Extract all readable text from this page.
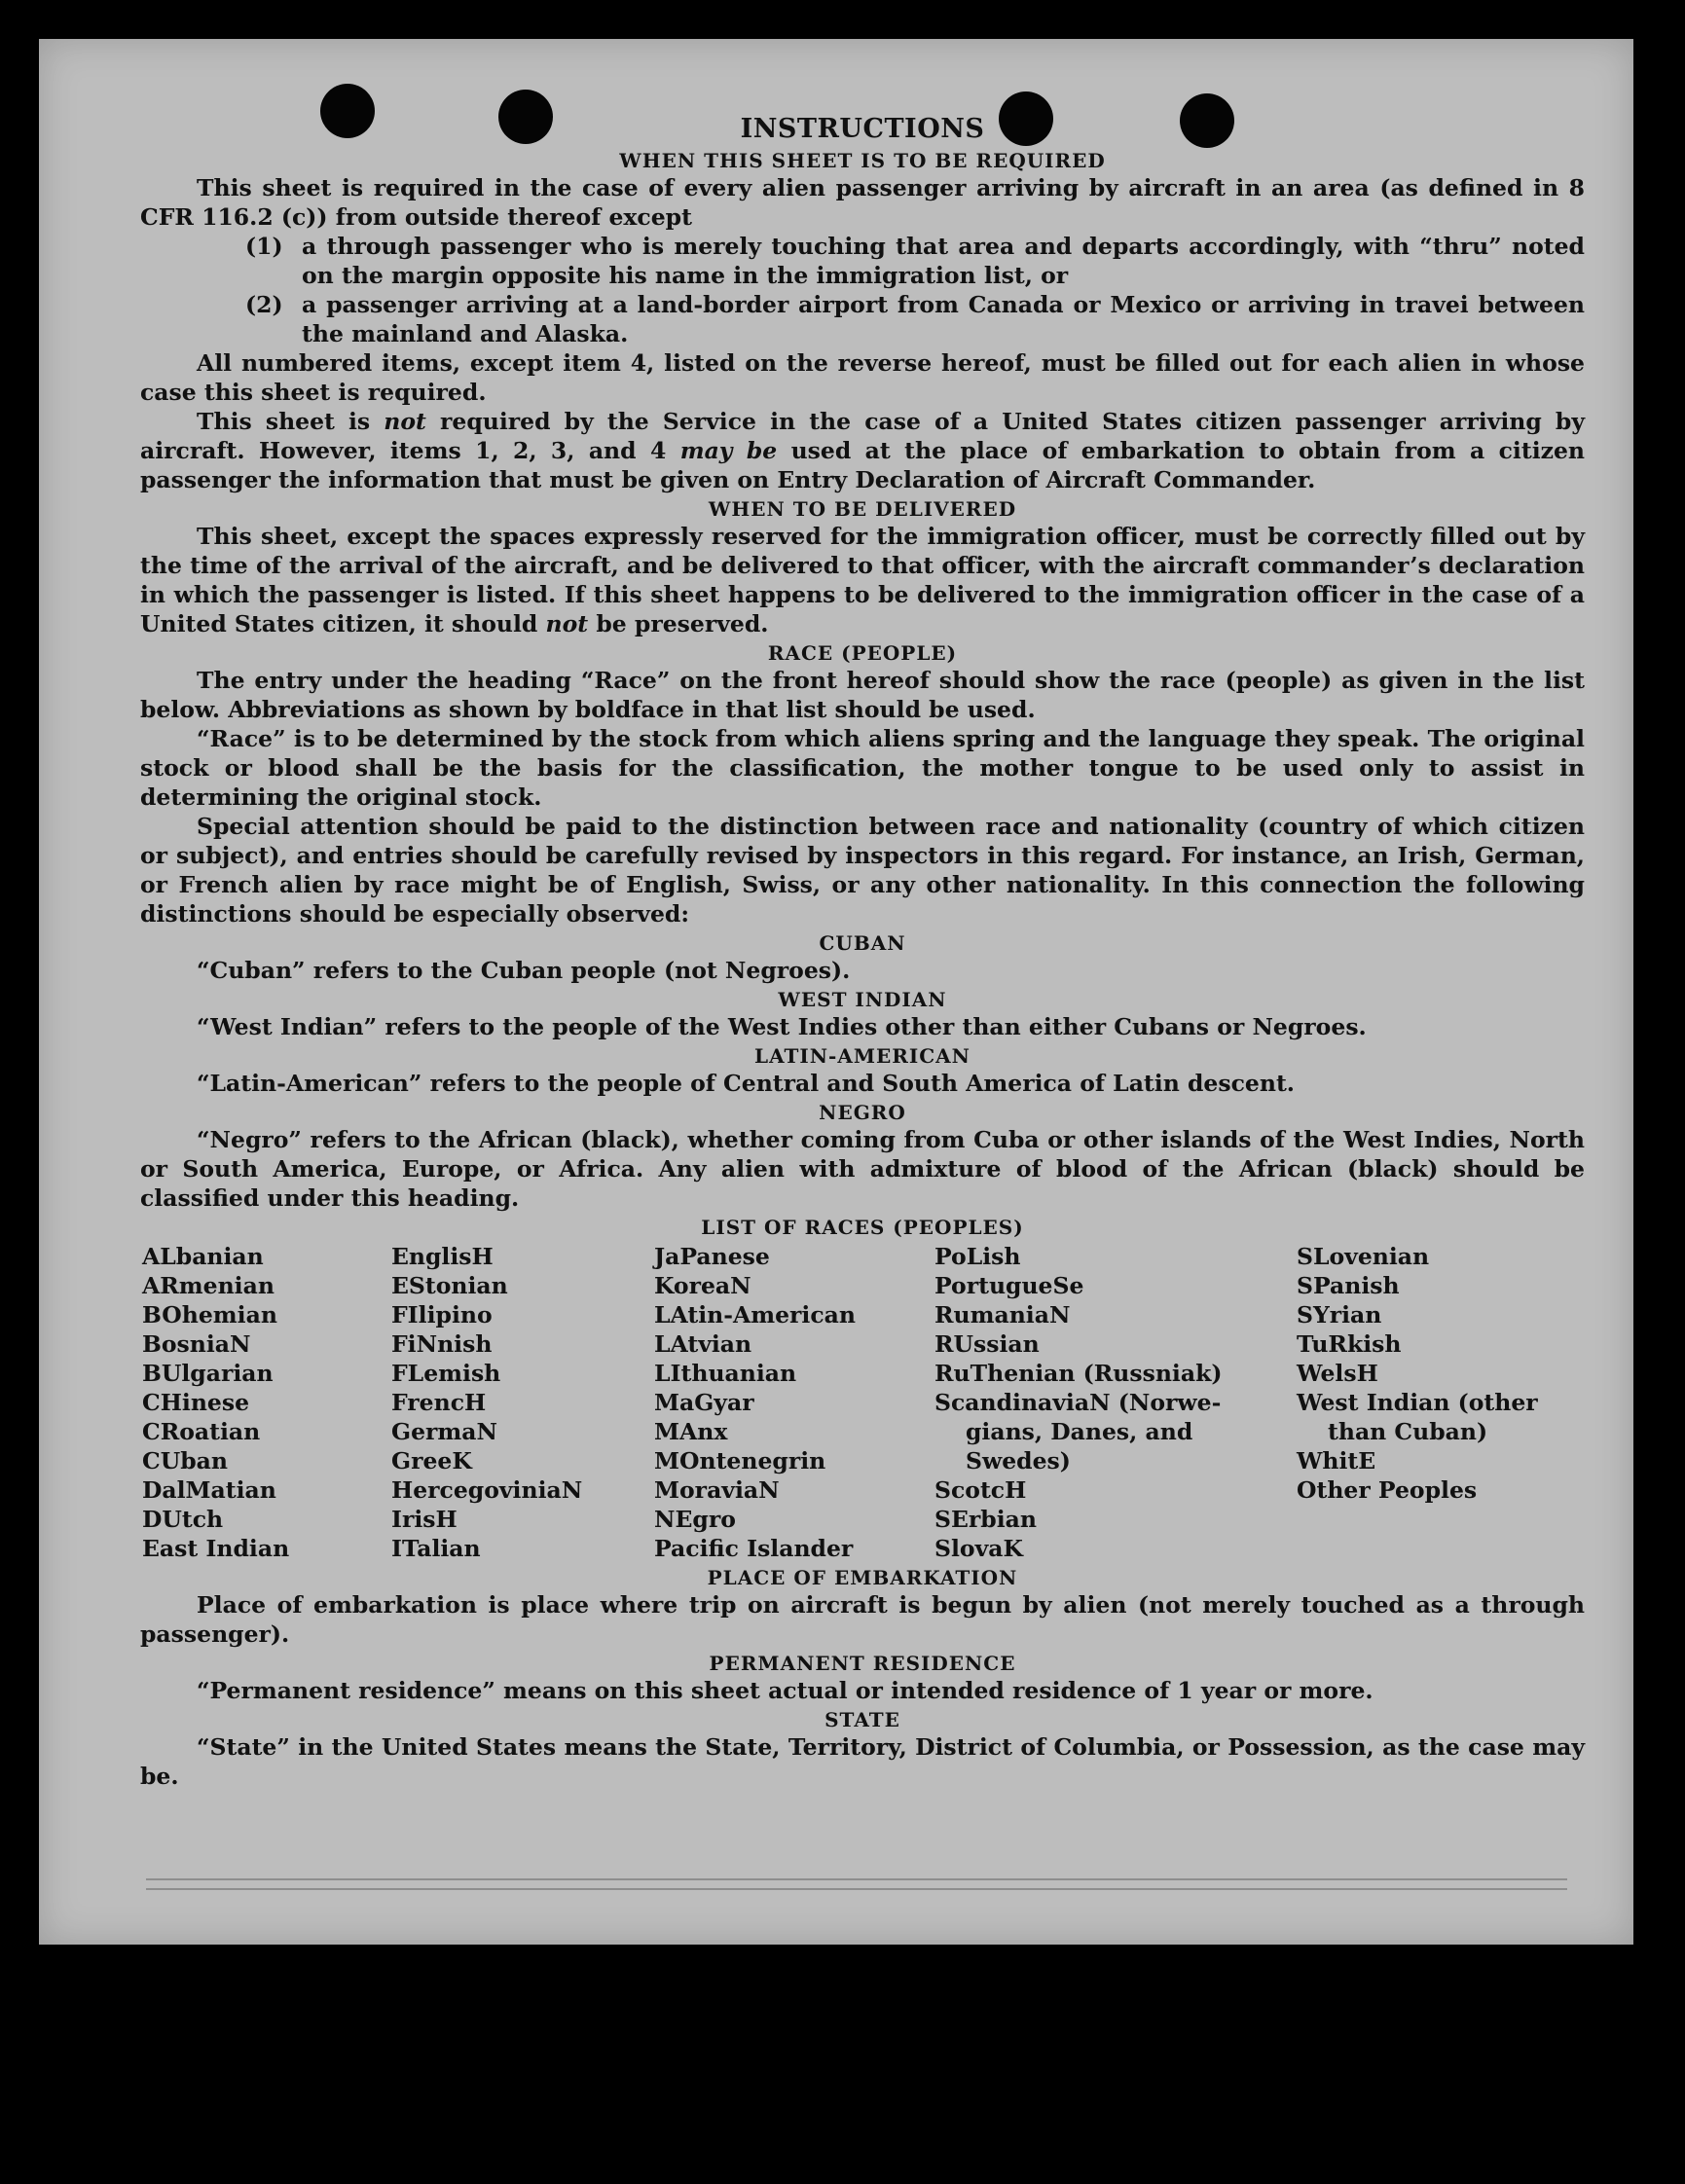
INSTRUCTIONS
WHEN THIS SHEET IS TO BE REQUIRED

This sheet is required in the case of every alien passenger arriving by aircraft in an area (as defined in 8 CFR 116.2 (c)) from outside thereof except

(1) a through passenger who is merely touching that area and departs accordingly, with “thru” noted on the margin opposite his name in the immigration list, or
(2) a passenger arriving at a land-border airport from Canada or Mexico or arriving in travei between the mainland and Alaska.

All numbered items, except item 4, listed on the reverse hereof, must be filled out for each alien in whose case this sheet is required.

This sheet is not required by the Service in the case of a United States citizen passenger arriving by aircraft. However, items 1, 2, 3, and 4 may be used at the place of embarkation to obtain from a citizen passenger the information that must be given on Entry Declaration of Aircraft Commander.

WHEN TO BE DELIVERED

This sheet, except the spaces expressly reserved for the immigration officer, must be correctly filled out by the time of the arrival of the aircraft, and be delivered to that officer, with the aircraft commander’s declaration in which the passenger is listed. If this sheet happens to be delivered to the immigration officer in the case of a United States citizen, it should not be preserved.

RACE (PEOPLE)

The entry under the heading “Race” on the front hereof should show the race (people) as given in the list below. Abbreviations as shown by boldface in that list should be used.

“Race” is to be determined by the stock from which aliens spring and the language they speak. The original stock or blood shall be the basis for the classification, the mother tongue to be used only to assist in determining the original stock.

Special attention should be paid to the distinction between race and nationality (country of which citizen or subject), and entries should be carefully revised by inspectors in this regard. For instance, an Irish, German, or French alien by race might be of English, Swiss, or any other nationality. In this connection the following distinctions should be especially observed:

CUBAN

“Cuban” refers to the Cuban people (not Negroes).

WEST INDIAN

“West Indian” refers to the people of the West Indies other than either Cubans or Negroes.

LATIN-AMERICAN

“Latin-American” refers to the people of Central and South America of Latin descent.

NEGRO

“Negro” refers to the African (black), whether coming from Cuba or other islands of the West Indies, North or South America, Europe, or Africa. Any alien with admixture of blood of the African (black) should be classified under this heading.

LIST OF RACES (PEOPLES)
ALbanian
ARmenian
BOhemian
BosniaN
BUlgarian
CHinese
CRoatian
CUban
DalMatian
DUtch
East Indian
EnglisH
EStonian
FIlipino
FiNnish
FLemish
FrencH
GermaN
GreeK
HercegoviniaN
IrisH
ITalian
JaPanese
KoreaN
LAtin-American
LAtvian
LIthuanian
MaGyar
MAnx
MOntenegrin
MoraviaN
NEgro
Pacific Islander
PoLish
PortugueSe
RumaniaN
RUssian
RuThenian (Russniak)
ScandinaviaN (Norwe-
gians, Danes, and
Swedes)
ScotcH
SErbian
SlovaK
SLovenian
SPanish
SYrian
TuRkish
WelsH
West Indian (other
than Cuban)
WhitE
Other Peoples
PLACE OF EMBARKATION

Place of embarkation is place where trip on aircraft is begun by alien (not merely touched as a through passenger).

PERMANENT RESIDENCE

“Permanent residence” means on this sheet actual or intended residence of 1 year or more.

STATE

“State” in the United States means the State, Territory, District of Columbia, or Possession, as the case may be.
